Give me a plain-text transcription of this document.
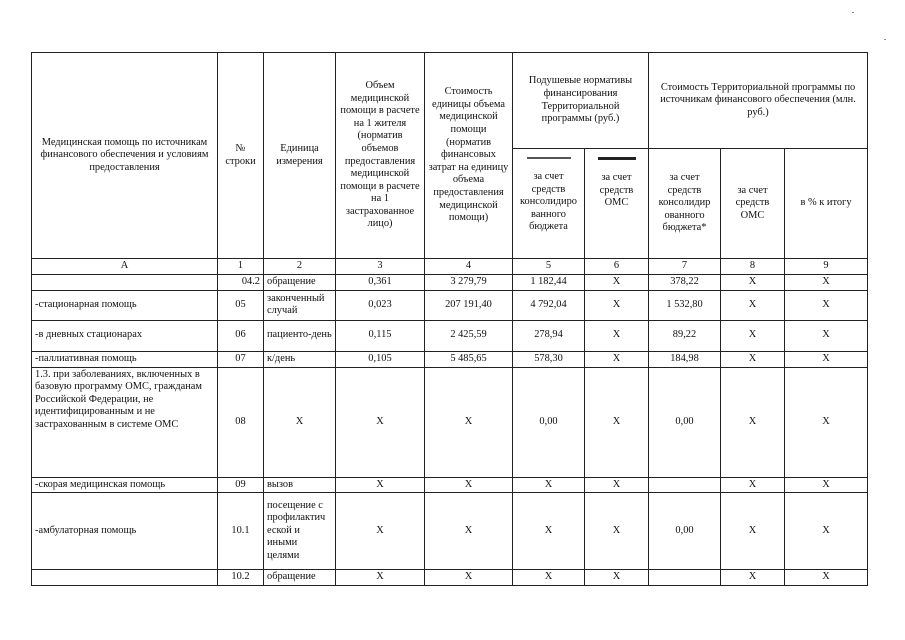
Медицинская помощь по источникам финансового обеспечения и условиям предоставления	№ строки	Единица измерения	Объем медицинской помощи в расчете на 1 жителя (норматив объемов предоставления медицинской помощи в расчете на 1 застрахованное лицо)	Стоимость единицы объема медицинской помощи (норматив финансовых затрат на единицу объема предоставления медицинской помощи)	Подушевые нормативы финансирования Территориальной программы (руб.)		Стоимость Территориальной программы по источникам финансового обеспечения (млн. руб.)		

за счет средств консолидиро ванного бюджета	за счет средств ОМС	за счет средств консолидир ованного бюджета*	за счет средств ОМС	в % к итогу
А	1	2	3	4	5	6	7	8	9
	04.2	обращение	0,361	3 279,79	1 182,44	X	378,22	X	X
-стационарная помощь	05	законченный случай	0,023	207 191,40	4 792,04	X	1 532,80	X	X
-в дневных стационарах	06	пациенто-день	0,115	2 425,59	278,94	X	89,22	X	X
-паллиативная помощь	07	к/день	0,105	5 485,65	578,30	X	184,98	X	X
1.3. при заболеваниях, включенных в базовую программу ОМС, гражданам Российской Федерации, не идентифицированным и не застрахованным в системе ОМС	08	X	X	X	0,00	X	0,00	X	X
-скорая медицинская помощь	09	вызов	X	X	X	X		X	X
-амбулаторная помощь	10.1	посещение с профилактич еской и иными целями	X	X	X	X	0,00	X	X
	10.2	обращение	X	X	X	X		X	X
